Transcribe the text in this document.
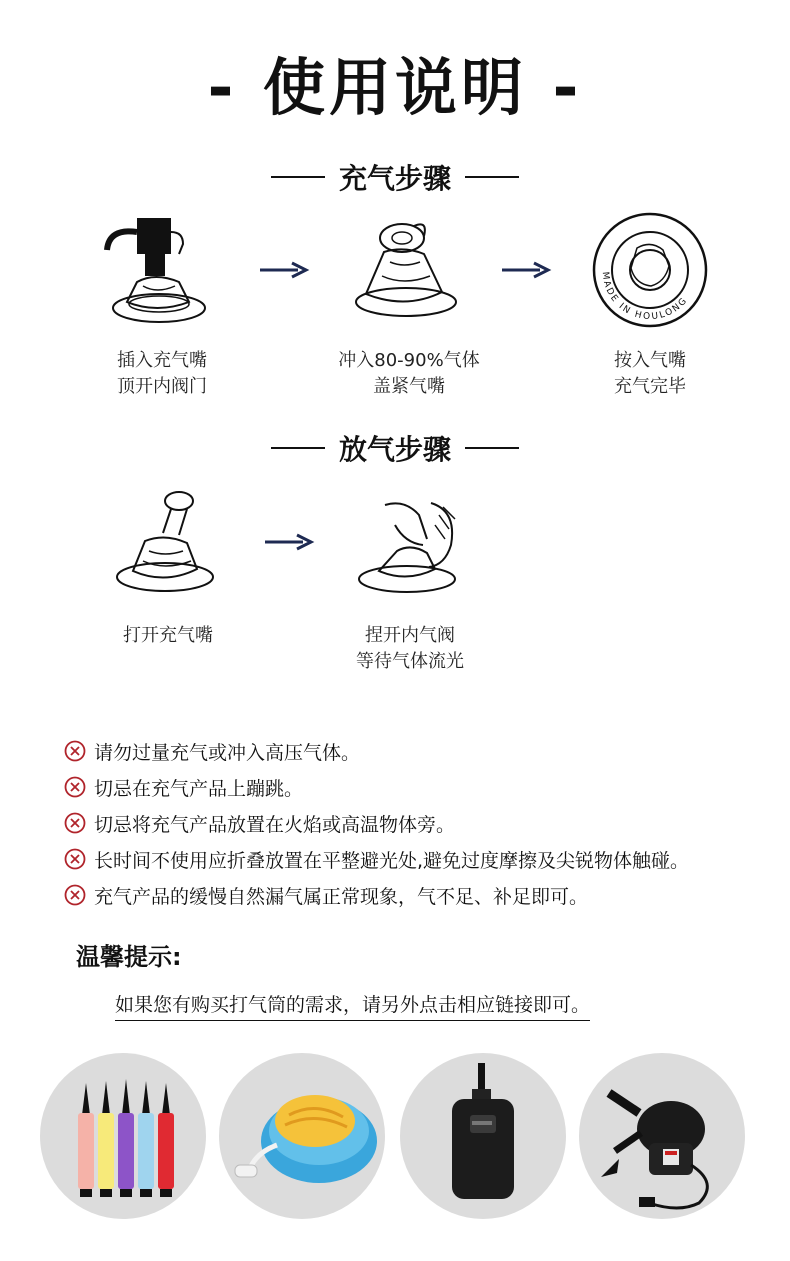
- 使用说明 -
充气步骤
插入充气嘴
顶开内阀门
冲入80-90%气体
盖紧气嘴
MADE IN HOULONG
按入气嘴
充气完毕
放气步骤
打开充气嘴	捏开内气阀
等待气体流光
请勿过量充气或冲入高压气体。
切忌在充气产品上蹦跳。
切忌将充气产品放置在火焰或高温物体旁。
长时间不使用应折叠放置在平整避光处,避免过度摩擦及尖锐物体触碰。
充气产品的缓慢自然漏气属正常现象，气不足、补足即可。
温馨提示:
如果您有购买打气筒的需求，请另外点击相应链接即可。
